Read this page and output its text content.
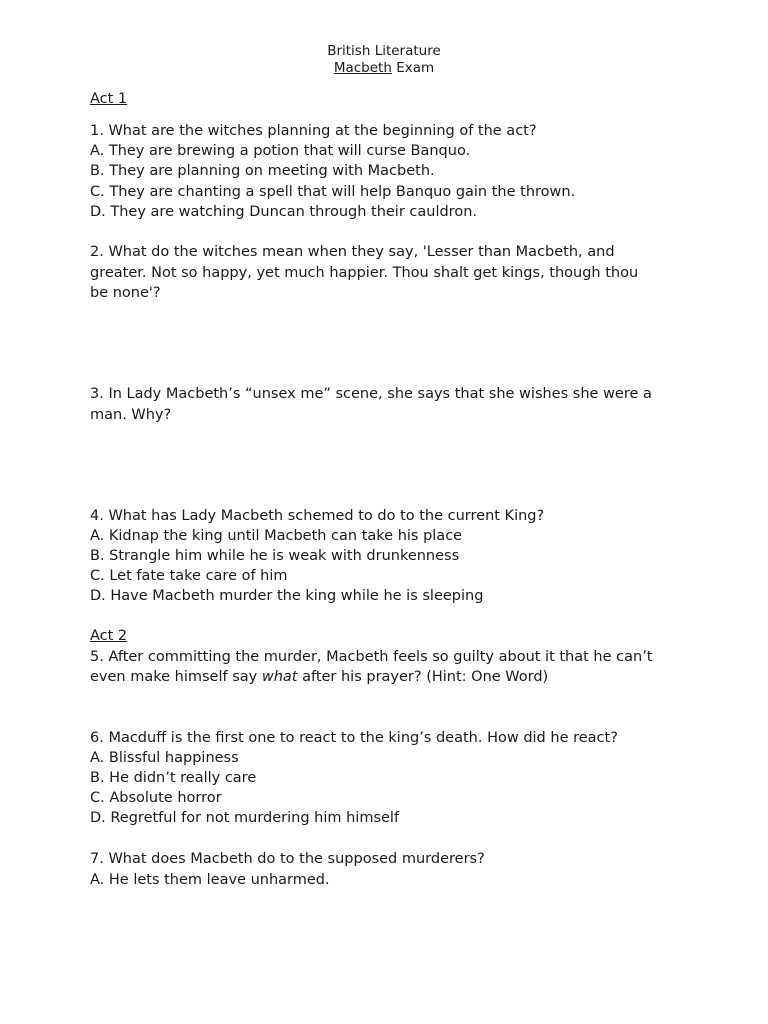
British Literature
Macbeth Exam
Act 1
1. What are the witches planning at the beginning of the act?
A. They are brewing a potion that will curse Banquo.
B. They are planning on meeting with Macbeth.
C. They are chanting a spell that will help Banquo gain the thrown.
D. They are watching Duncan through their cauldron.
2. What do the witches mean when they say, 'Lesser than Macbeth, and
greater. Not so happy, yet much happier. Thou shalt get kings, though thou
be none'?
3. In Lady Macbeth’s “unsex me” scene, she says that she wishes she were a
man. Why?
4. What has Lady Macbeth schemed to do to the current King?
A. Kidnap the king until Macbeth can take his place
B. Strangle him while he is weak with drunkenness
C. Let fate take care of him
D. Have Macbeth murder the king while he is sleeping
Act 2
5. After committing the murder, Macbeth feels so guilty about it that he can’t
even make himself say what after his prayer? (Hint: One Word)
6. Macduff is the first one to react to the king’s death. How did he react?
A. Blissful happiness
B. He didn’t really care
C. Absolute horror
D. Regretful for not murdering him himself
7. What does Macbeth do to the supposed murderers?
A. He lets them leave unharmed.
